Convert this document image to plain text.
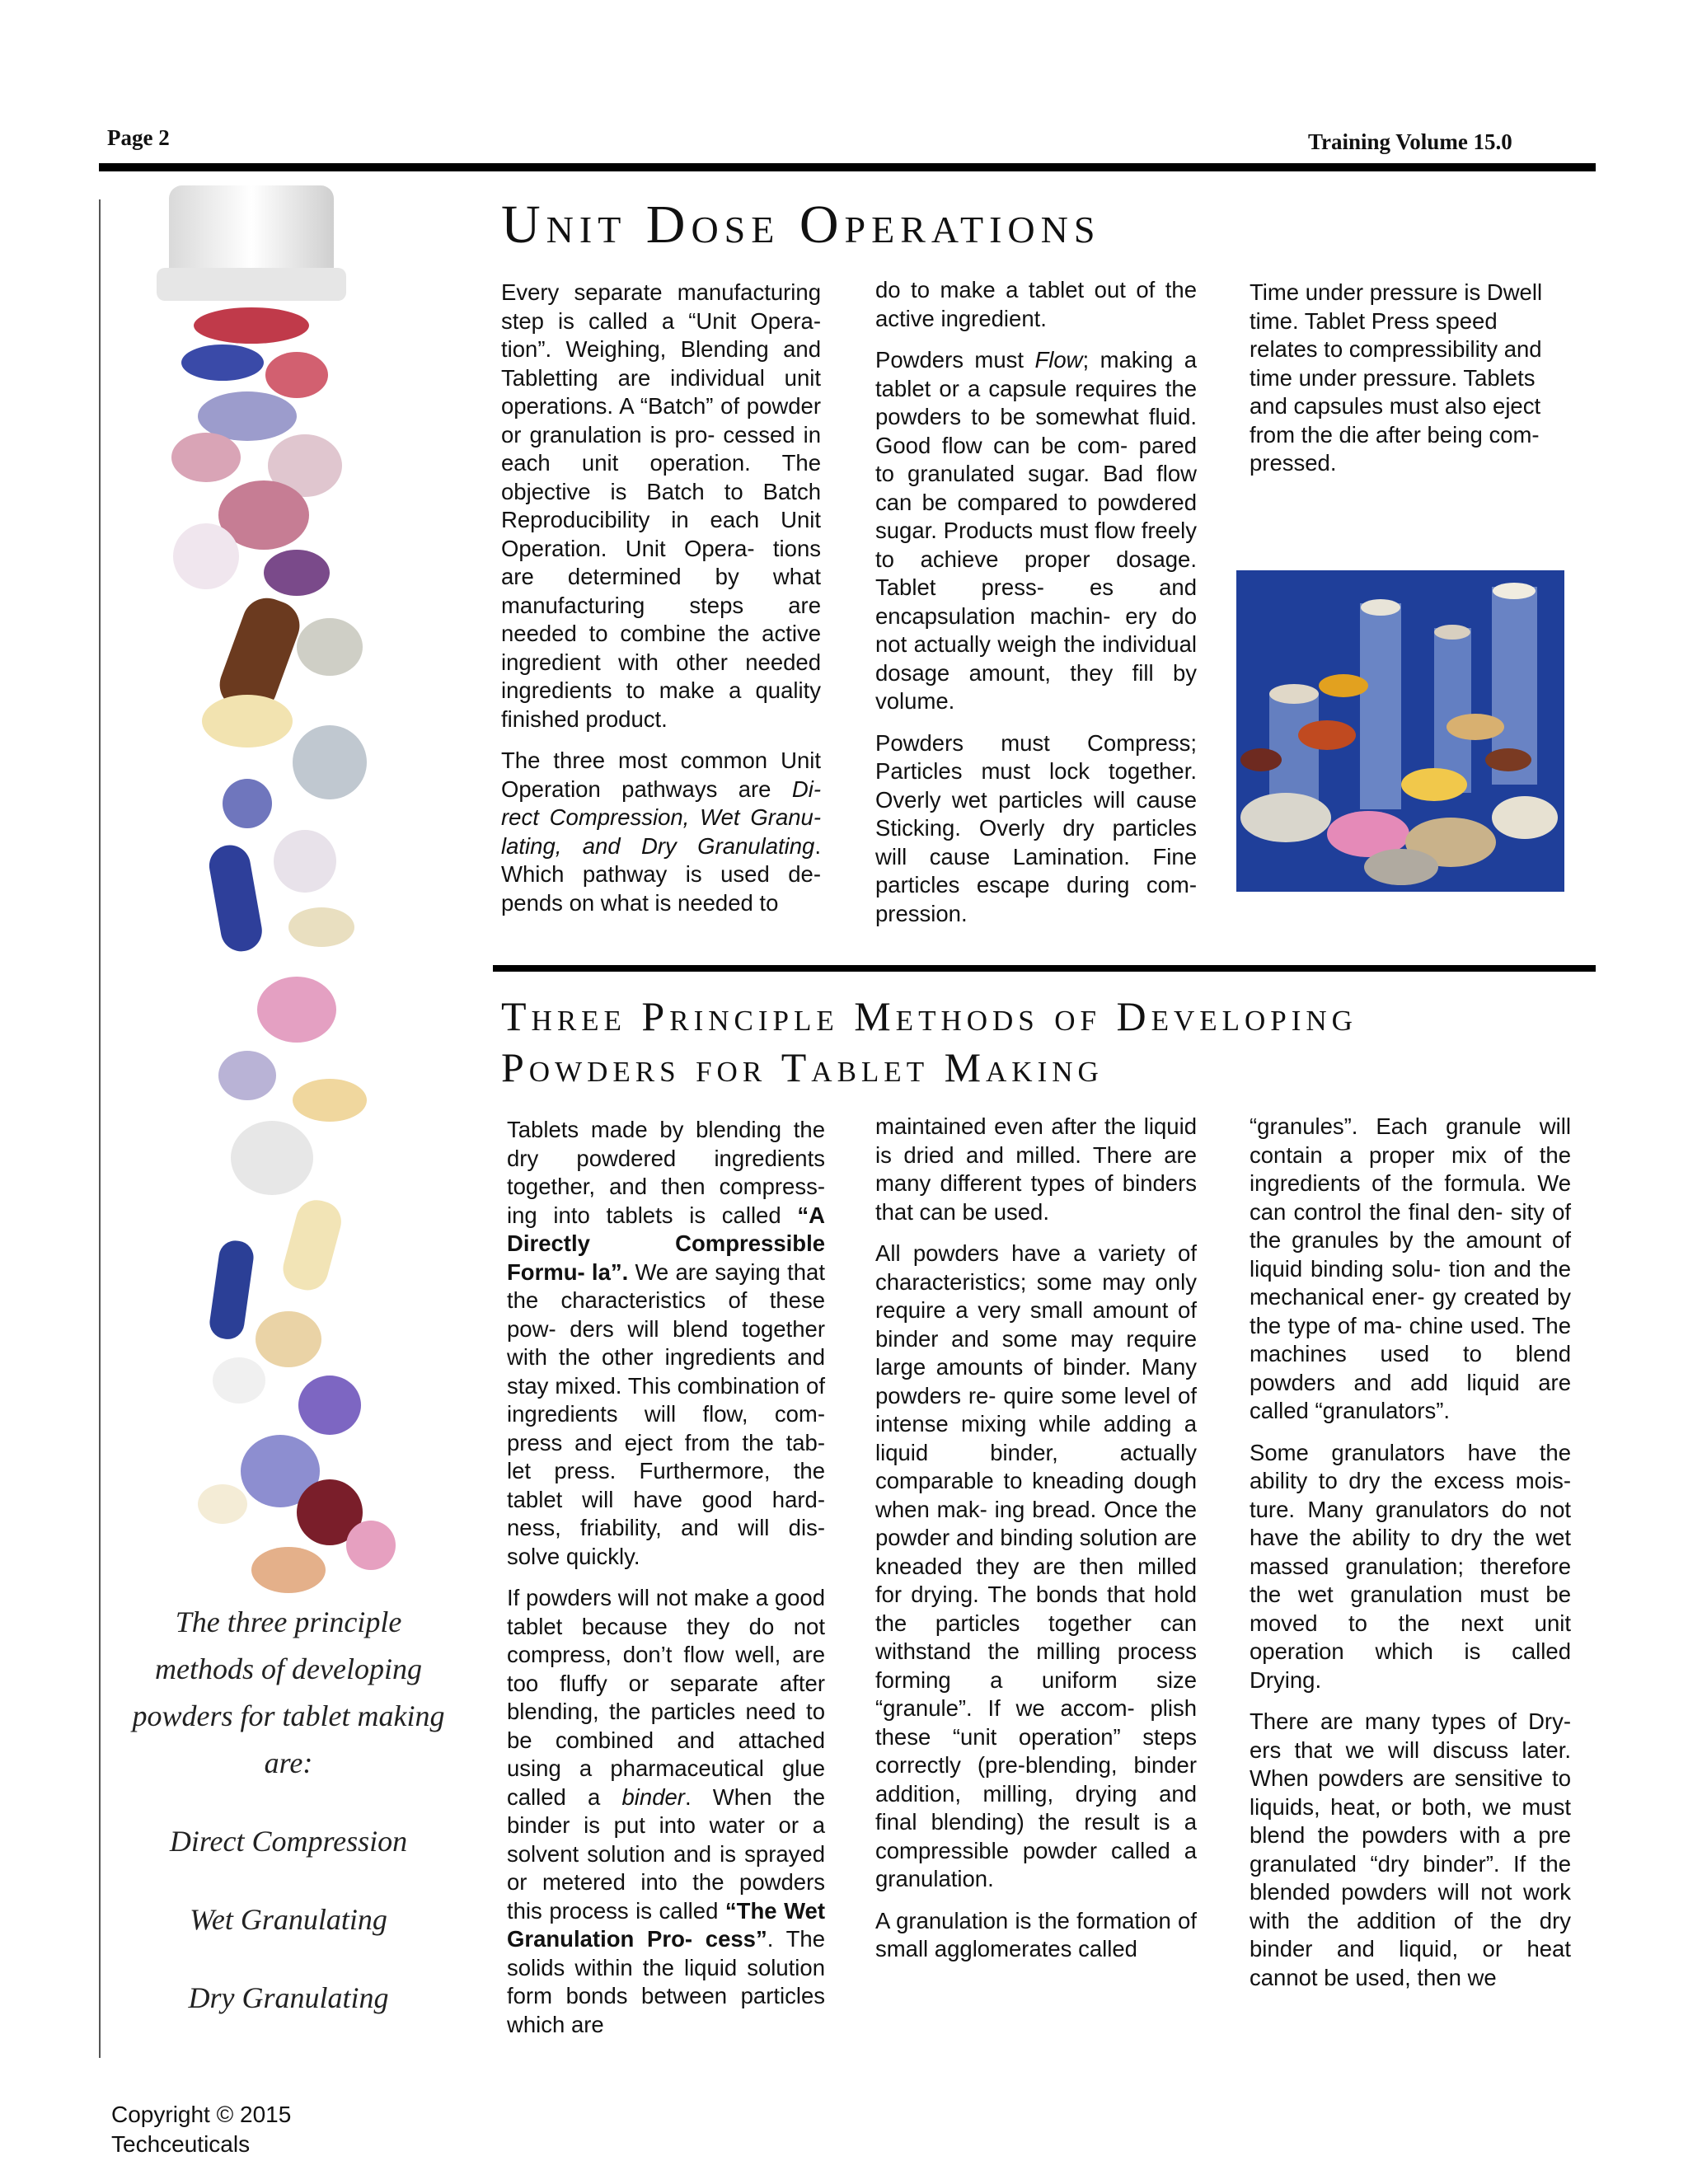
Page 2	Training Volume 15.0

The three principle methods of developing powders for tablet making are:

Direct Compression

Wet Granulating

Dry Granulating

Copyright © 2015
Techceuticals
Unit Dose Operations

Every separate manufacturing step is called a “Unit Opera- tion”. Weighing, Blending and Tabletting are individual unit operations. A “Batch” of powder or granulation is pro- cessed in each unit operation. The objective is Batch to Batch Reproducibility in each Unit Operation. Unit Opera- tions are determined by what manufacturing steps are needed to combine the active ingredient with other needed ingredients to make a quality finished product.

The three most common Unit Operation pathways are Di- rect Compression, Wet Granu- lating, and Dry Granulating. Which pathway is used de- pends on what is needed to

do to make a tablet out of the active ingredient.

Powders must Flow; making a tablet or a capsule requires the powders to be somewhat fluid. Good flow can be com- pared to granulated sugar. Bad flow can be compared to powdered sugar. Products must flow freely to achieve proper dosage. Tablet press- es and encapsulation machin- ery do not actually weigh the individual dosage amount, they fill by volume.

Powders must Compress; Particles must lock together. Overly wet particles will cause Sticking. Overly dry particles will cause Lamination. Fine particles escape during com- pression.

Time under pressure is Dwell time. Tablet Press speed relates to compressibility and time under pressure. Tablets and capsules must also eject from the die after being com- pressed.

Three Principle Methods of Developing
Powders for Tablet Making

Tablets made by blending the dry powdered ingredients together, and then compress- ing into tablets is called “A Directly Compressible Formu- la”. We are saying that the characteristics of these pow- ders will blend together with the other ingredients and stay mixed. This combination of ingredients will flow, com- press and eject from the tab- let press. Furthermore, the tablet will have good hard- ness, friability, and will dis- solve quickly.

If powders will not make a good tablet because they do not compress, don’t flow well, are too fluffy or separate after blending, the particles need to be combined and attached using a pharmaceutical glue called a binder. When the binder is put into water or a solvent solution and is sprayed or metered into the powders this process is called “The Wet Granulation Pro- cess”. The solids within the liquid solution form bonds between particles which are

maintained even after the liquid is dried and milled. There are many different types of binders that can be used.

All powders have a variety of characteristics; some may only require a very small amount of binder and some may require large amounts of binder. Many powders re- quire some level of intense mixing while adding a liquid binder, actually comparable to kneading dough when mak- ing bread. Once the powder and binding solution are kneaded they are then milled for drying. The bonds that hold the particles together can withstand the milling process forming a uniform size “granule”. If we accom- plish these “unit operation” steps correctly (pre-blending, binder addition, milling, drying and final blending) the result is a compressible powder called a granulation.

A granulation is the formation of small agglomerates called

“granules”. Each granule will contain a proper mix of the ingredients of the formula. We can control the final den- sity of the granules by the amount of liquid binding solu- tion and the mechanical ener- gy created by the type of ma- chine used. The machines used to blend powders and add liquid are called “granulators”.

Some granulators have the ability to dry the excess mois- ture. Many granulators do not have the ability to dry the wet massed granulation; therefore the wet granulation must be moved to the next unit operation which is called Drying.

There are many types of Dry- ers that we will discuss later. When powders are sensitive to liquids, heat, or both, we must blend the powders with a pre granulated “dry binder”. If the blended powders will not work with the addition of the dry binder and liquid, or heat cannot be used, then we
